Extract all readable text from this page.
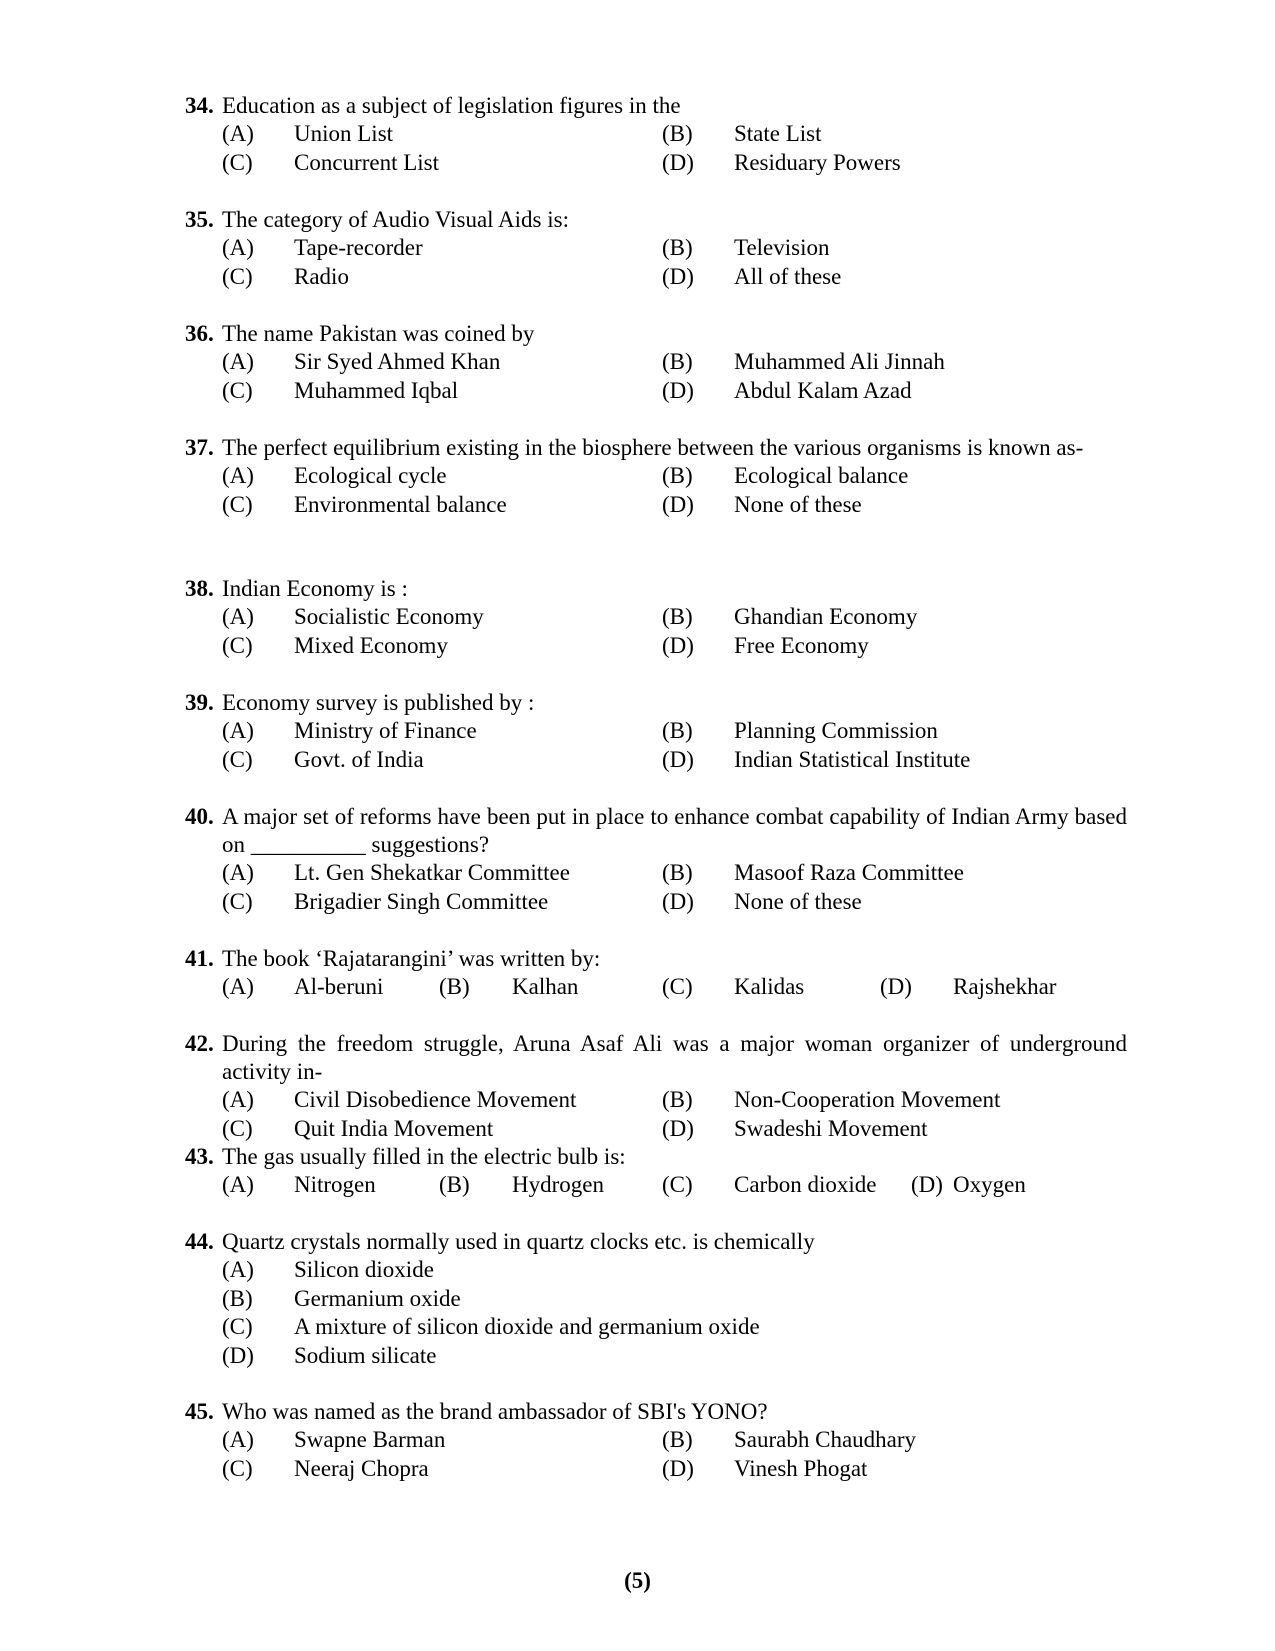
34. Education as a subject of legislation figures in the
(A) Union List	(B) State List
(C) Concurrent List	(D) Residuary Powers
35. The category of Audio Visual Aids is:
(A) Tape-recorder	(B) Television
(C) Radio	(D) All of these
36. The name Pakistan was coined by
(A) Sir Syed Ahmed Khan	(B) Muhammed Ali Jinnah
(C) Muhammed Iqbal	(D) Abdul Kalam Azad
37. The perfect equilibrium existing in the biosphere between the various organisms is known as-
(A) Ecological cycle	(B) Ecological balance
(C) Environmental balance	(D) None of these
38. Indian Economy is :
(A) Socialistic Economy	(B) Ghandian Economy
(C) Mixed Economy	(D) Free Economy
39. Economy survey is published by :
(A) Ministry of Finance	(B) Planning Commission
(C) Govt. of India	(D) Indian Statistical Institute
40. A major set of reforms have been put in place to enhance combat capability of Indian Army based on __________ suggestions?
(A) Lt. Gen Shekatkar Committee	(B) Masoof Raza Committee
(C) Brigadier Singh Committee	(D) None of these
41. The book ‘Rajatarangini’ was written by:
(A) Al-beruni (B) Kalhan	(C) Kalidas	(D) Rajshekhar
42. During the freedom struggle, Aruna Asaf Ali was a major woman organizer of underground activity in-
(A) Civil Disobedience Movement	(B) Non-Cooperation Movement
(C) Quit India Movement	(D) Swadeshi Movement
43. The gas usually filled in the electric bulb is:
(A) Nitrogen	(B) Hydrogen	(C) Carbon dioxide (D) Oxygen
44. Quartz crystals normally used in quartz clocks etc. is chemically
(A) Silicon dioxide
(B) Germanium oxide
(C) A mixture of silicon dioxide and germanium oxide
(D) Sodium silicate
45. Who was named as the brand ambassador of SBI's YONO?
(A) Swapne Barman	(B) Saurabh Chaudhary
(C) Neeraj Chopra	(D) Vinesh Phogat
(5)
